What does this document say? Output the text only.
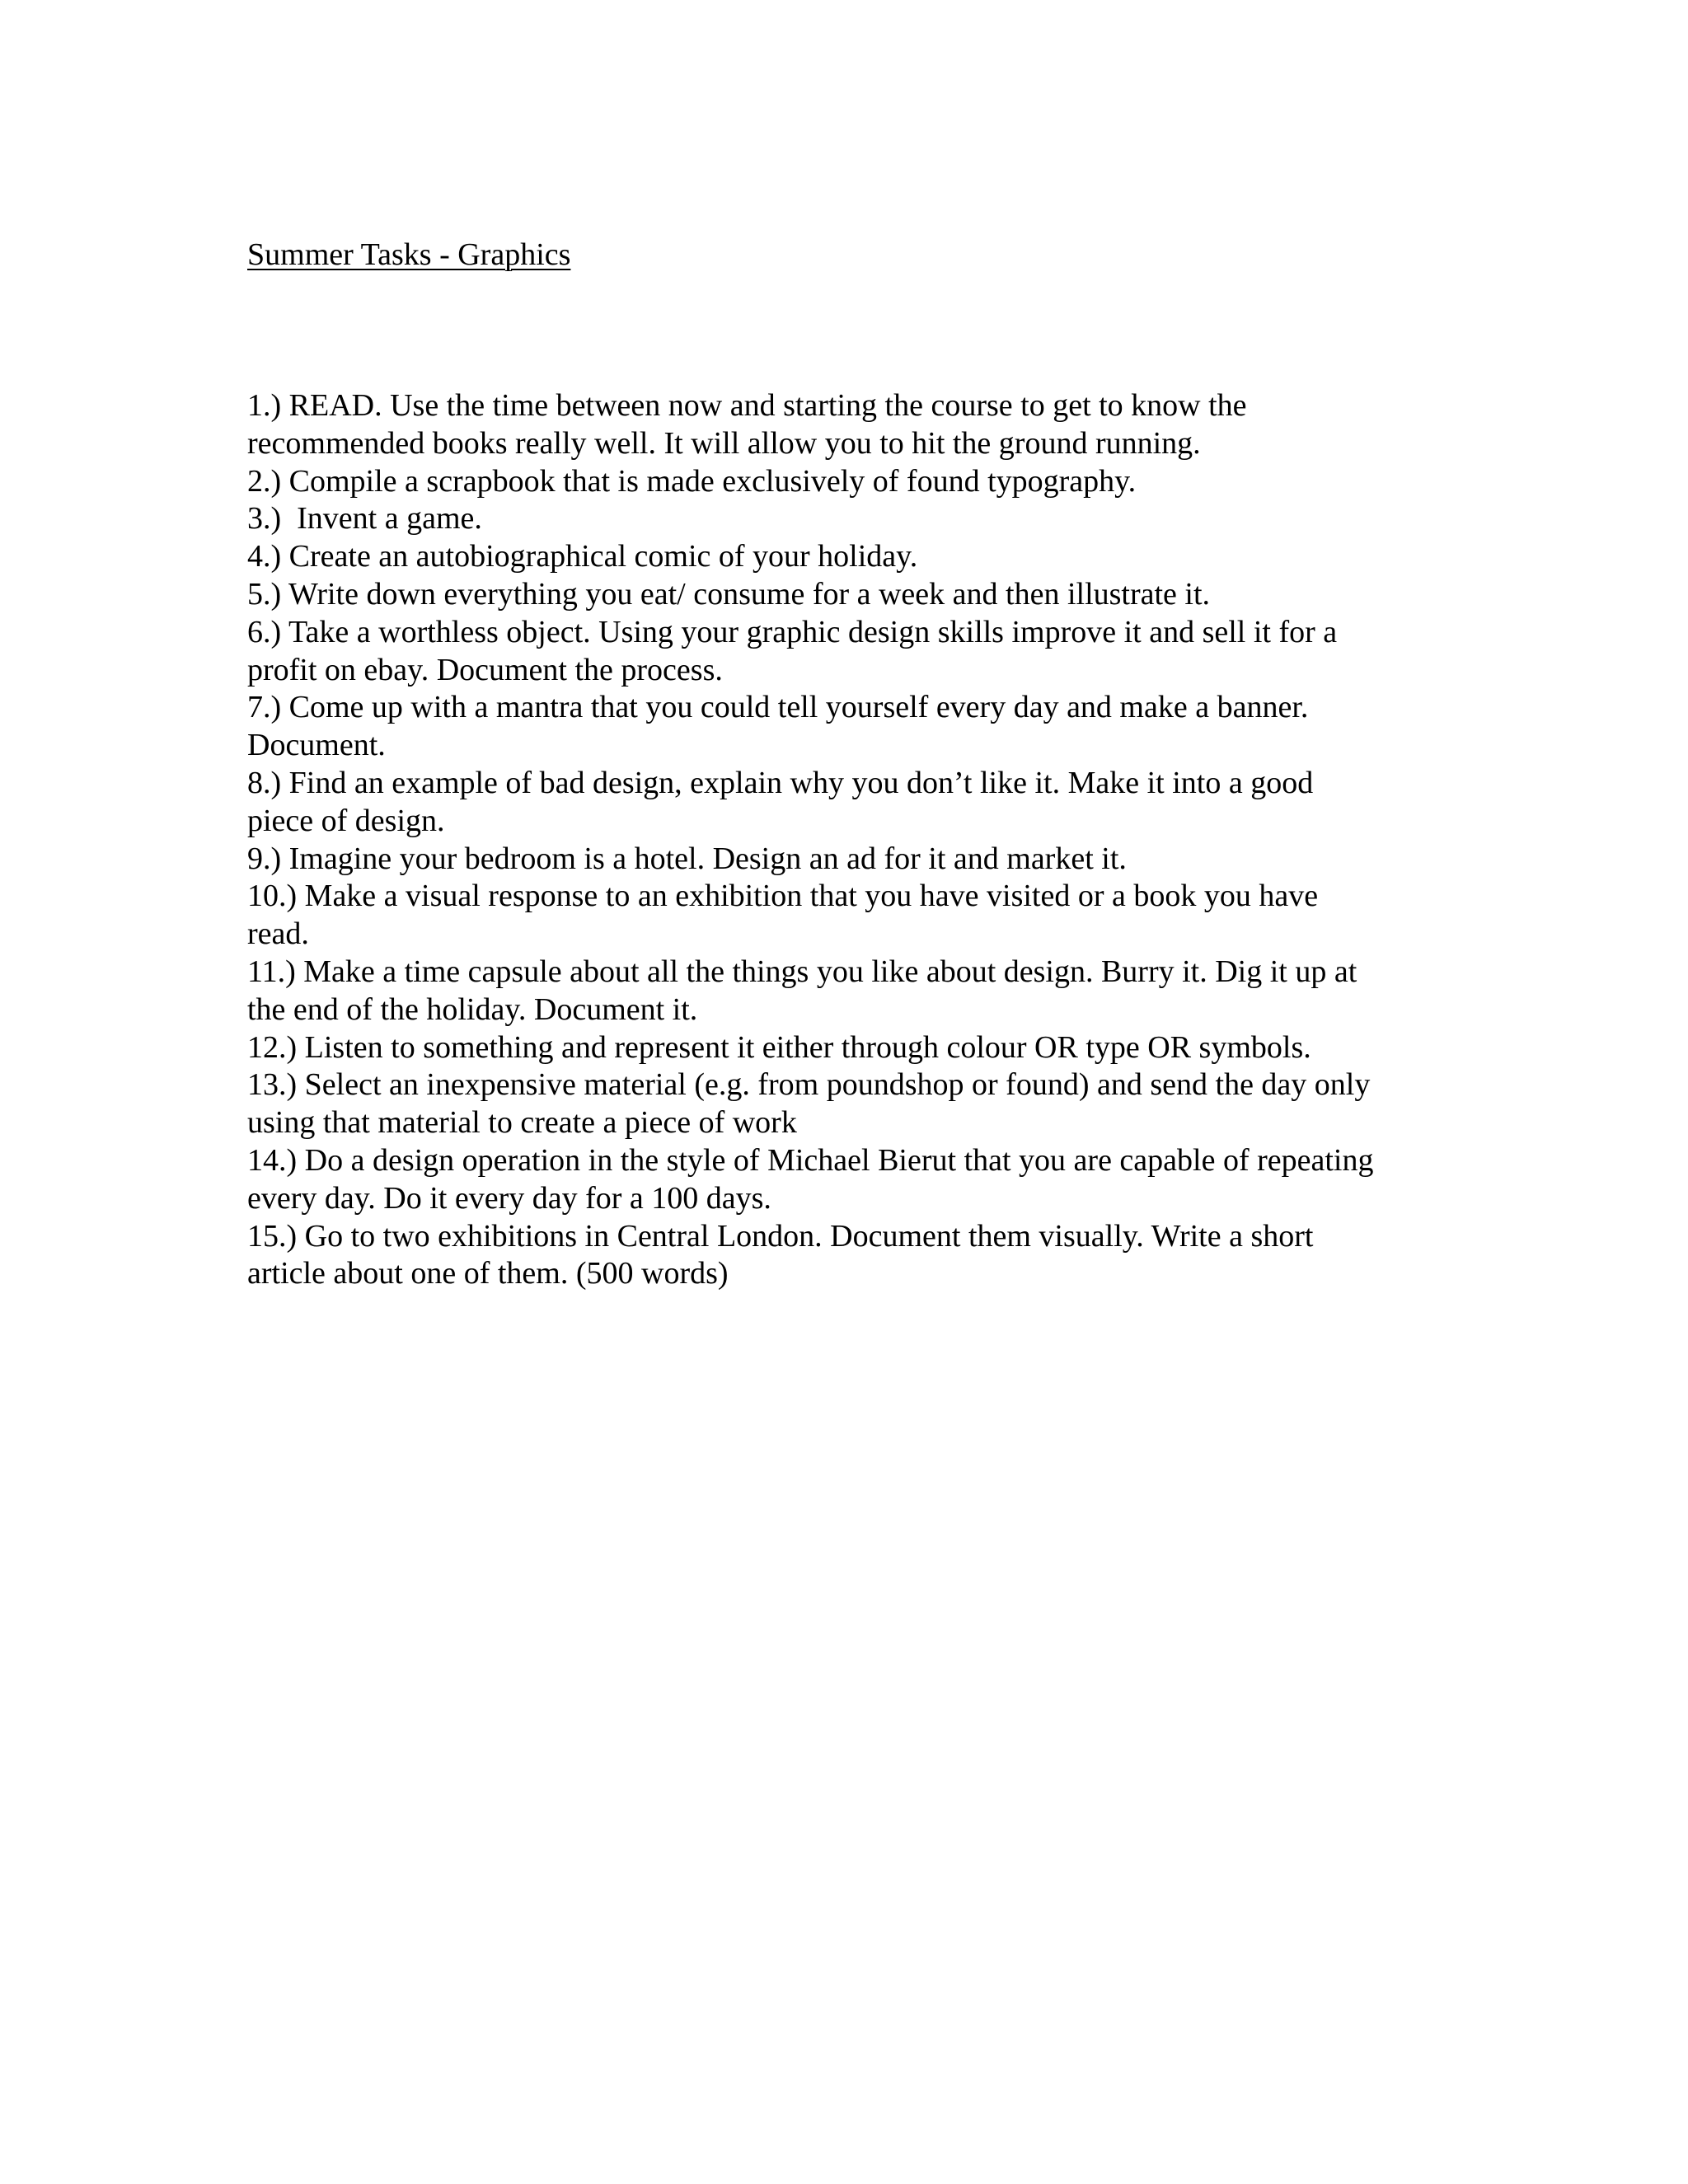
Summer Tasks - Graphics
1.) READ. Use the time between now and starting the course to get to know the
recommended books really well. It will allow you to hit the ground running.
2.) Compile a scrapbook that is made exclusively of found typography.
3.)  Invent a game.
4.) Create an autobiographical comic of your holiday.
5.) Write down everything you eat/ consume for a week and then illustrate it.
6.) Take a worthless object. Using your graphic design skills improve it and sell it for a
profit on ebay. Document the process.
7.) Come up with a mantra that you could tell yourself every day and make a banner.
Document.
8.) Find an example of bad design, explain why you don’t like it. Make it into a good
piece of design.
9.) Imagine your bedroom is a hotel. Design an ad for it and market it.
10.) Make a visual response to an exhibition that you have visited or a book you have
read.
11.) Make a time capsule about all the things you like about design. Burry it. Dig it up at
the end of the holiday. Document it.
12.) Listen to something and represent it either through colour OR type OR symbols.
13.) Select an inexpensive material (e.g. from poundshop or found) and send the day only
using that material to create a piece of work
14.) Do a design operation in the style of Michael Bierut that you are capable of repeating
every day. Do it every day for a 100 days.
15.) Go to two exhibitions in Central London. Document them visually. Write a short
article about one of them. (500 words)
